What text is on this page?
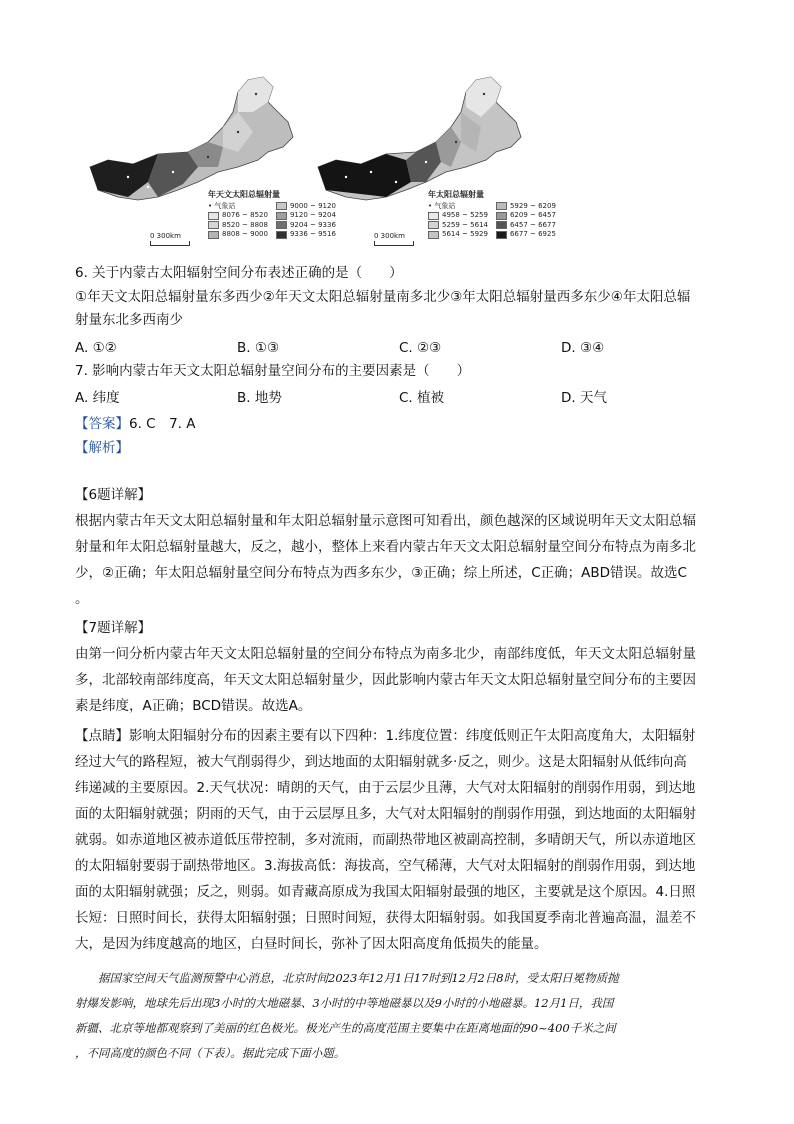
年天文太阳总辐射量
• 气象站	9000 ~ 9120
8076 ~ 8520	9120 ~ 9204
8520 ~ 8808	9204 ~ 9336
8808 ~ 9000	9336 ~ 9516
0 300km
年太阳总辐射量
• 气象站	5929 ~ 6209
4958 ~ 5259	6209 ~ 6457
5259 ~ 5614	6457 ~ 6677
5614 ~ 5929	6677 ~ 6925
0 300km
6. 关于内蒙古太阳辐射空间分布表述正确的是（　　）
①年天文太阳总辐射量东多西少②年天文太阳总辐射量南多北少③年太阳总辐射量西多东少④年太阳总辐
射量东北多西南少
A. ①②	B. ①③	C. ②③	D. ③④
7. 影响内蒙古年天文太阳总辐射量空间分布的主要因素是（　　）
A. 纬度	B. 地势	C. 植被	D. 天气
【答案】6. C　7. A
【解析】
【6题详解】
根据内蒙古年天文太阳总辐射量和年太阳总辐射量示意图可知看出，颜色越深的区域说明年天文太阳总辐
射量和年太阳总辐射量越大，反之，越小，整体上来看内蒙古年天文太阳总辐射量空间分布特点为南多北
少，②正确；年太阳总辐射量空间分布特点为西多东少，③正确；综上所述，C正确；ABD错误。故选C
。
【7题详解】
由第一问分析内蒙古年天文太阳总辐射量的空间分布特点为南多北少，南部纬度低，年天文太阳总辐射量
多，北部较南部纬度高，年天文太阳总辐射量少，因此影响内蒙古年天文太阳总辐射量空间分布的主要因
素是纬度，A正确；BCD错误。故选A。
【点睛】影响太阳辐射分布的因素主要有以下四种：1.纬度位置：纬度低则正午太阳高度角大，太阳辐射
经过大气的路程短，被大气削弱得少，到达地面的太阳辐射就多·反之，则少。这是太阳辐射从低纬向高
纬递减的主要原因。2.天气状况：晴朗的天气，由于云层少且薄，大气对太阳辐射的削弱作用弱，到达地
面的太阳辐射就强；阴雨的天气，由于云层厚且多，大气对太阳辐射的削弱作用强，到达地面的太阳辐射
就弱。如赤道地区被赤道低压带控制，多对流雨，而副热带地区被副高控制，多晴朗天气，所以赤道地区
的太阳辐射要弱于副热带地区。3.海拔高低：海拔高，空气稀薄，大气对太阳辐射的削弱作用弱，到达地
面的太阳辐射就强；反之，则弱。如青藏高原成为我国太阳辐射最强的地区，主要就是这个原因。4.日照
长短：日照时间长，获得太阳辐射强；日照时间短，获得太阳辐射弱。如我国夏季南北普遍高温，温差不
大，是因为纬度越高的地区，白昼时间长，弥补了因太阳高度角低损失的能量。
　　据国家空间天气监测预警中心消息，北京时间2023年12月1日17时到12月2日8时，受太阳日冕物质抛
射爆发影响，地球先后出现3小时的大地磁暴、3小时的中等地磁暴以及9小时的小地磁暴。12月1日，我国
新疆、北京等地都观察到了美丽的红色极光。极光产生的高度范围主要集中在距离地面的90~400千米之间
，不同高度的颜色不同（下表）。据此完成下面小题。
